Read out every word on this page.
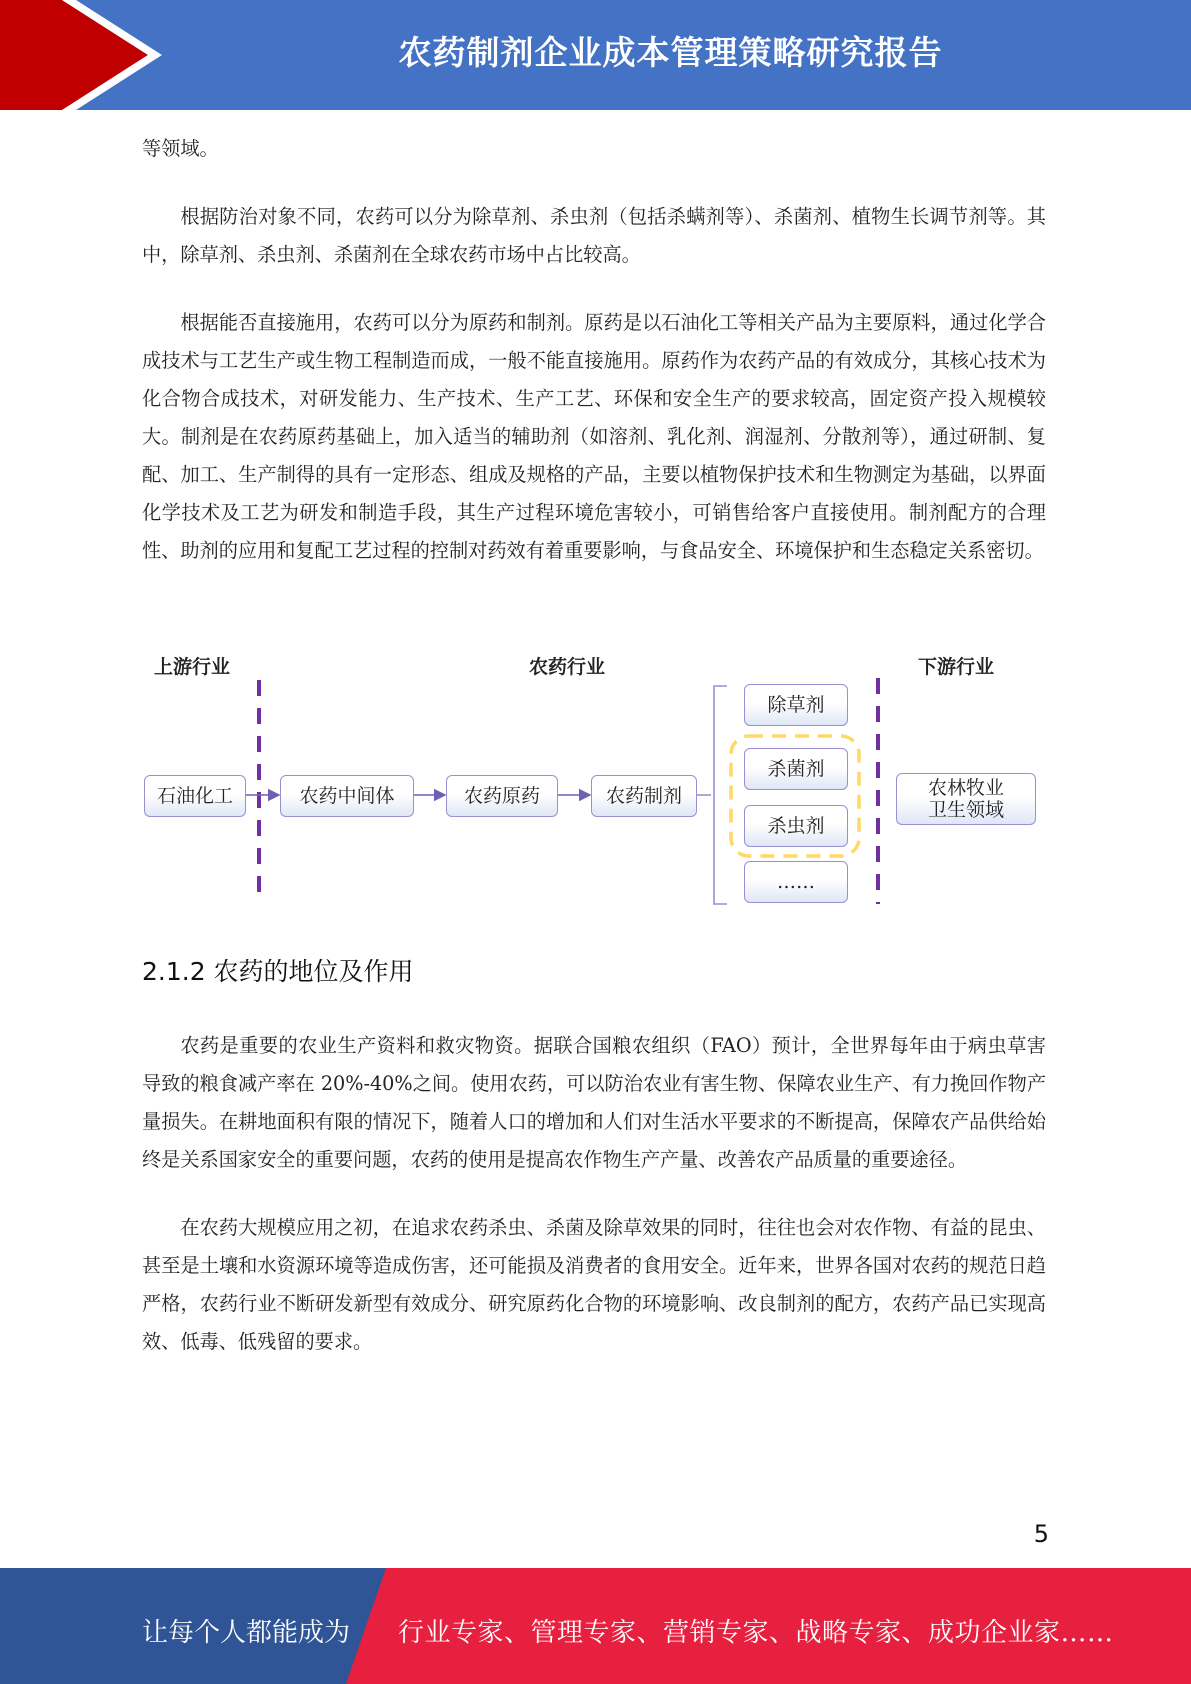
农药制剂企业成本管理策略研究报告

等领域。

根据防治对象不同，农药可以分为除草剂、杀虫剂（包括杀螨剂等）、杀菌剂、植物生长调节剂等。其中，除草剂、杀虫剂、杀菌剂在全球农药市场中占比较高。

根据能否直接施用，农药可以分为原药和制剂。原药是以石油化工等相关产品为主要原料，通过化学合成技术与工艺生产或生物工程制造而成，一般不能直接施用。原药作为农药产品的有效成分，其核心技术为化合物合成技术，对研发能力、生产技术、生产工艺、环保和安全生产的要求较高，固定资产投入规模较大。制剂是在农药原药基础上，加入适当的辅助剂（如溶剂、乳化剂、润湿剂、分散剂等），通过研制、复配、加工、生产制得的具有一定形态、组成及规格的产品，主要以植物保护技术和生物测定为基础，以界面化学技术及工艺为研发和制造手段，其生产过程环境危害较小，可销售给客户直接使用。制剂配方的合理性、助剂的应用和复配工艺过程的控制对药效有着重要影响，与食品安全、环境保护和生态稳定关系密切。

上游行业	农药行业	下游行业
石油化工	农药中间体	农药原药	农药制剂
除草剂
杀菌剂
杀虫剂
……
农林牧业
卫生领域
2.1.2 农药的地位及作用

农药是重要的农业生产资料和救灾物资。据联合国粮农组织（FAO）预计，全世界每年由于病虫草害导致的粮食减产率在 20%-40%之间。使用农药，可以防治农业有害生物、保障农业生产、有力挽回作物产量损失。在耕地面积有限的情况下，随着人口的增加和人们对生活水平要求的不断提高，保障农产品供给始终是关系国家安全的重要问题，农药的使用是提高农作物生产产量、改善农产品质量的重要途径。

在农药大规模应用之初，在追求农药杀虫、杀菌及除草效果的同时，往往也会对农作物、有益的昆虫、甚至是土壤和水资源环境等造成伤害，还可能损及消费者的食用安全。近年来，世界各国对农药的规范日趋严格，农药行业不断研发新型有效成分、研究原药化合物的环境影响、改良制剂的配方，农药产品已实现高效、低毒、低残留的要求。

5
让每个人都能成为 行业专家、管理专家、营销专家、战略专家、成功企业家……
